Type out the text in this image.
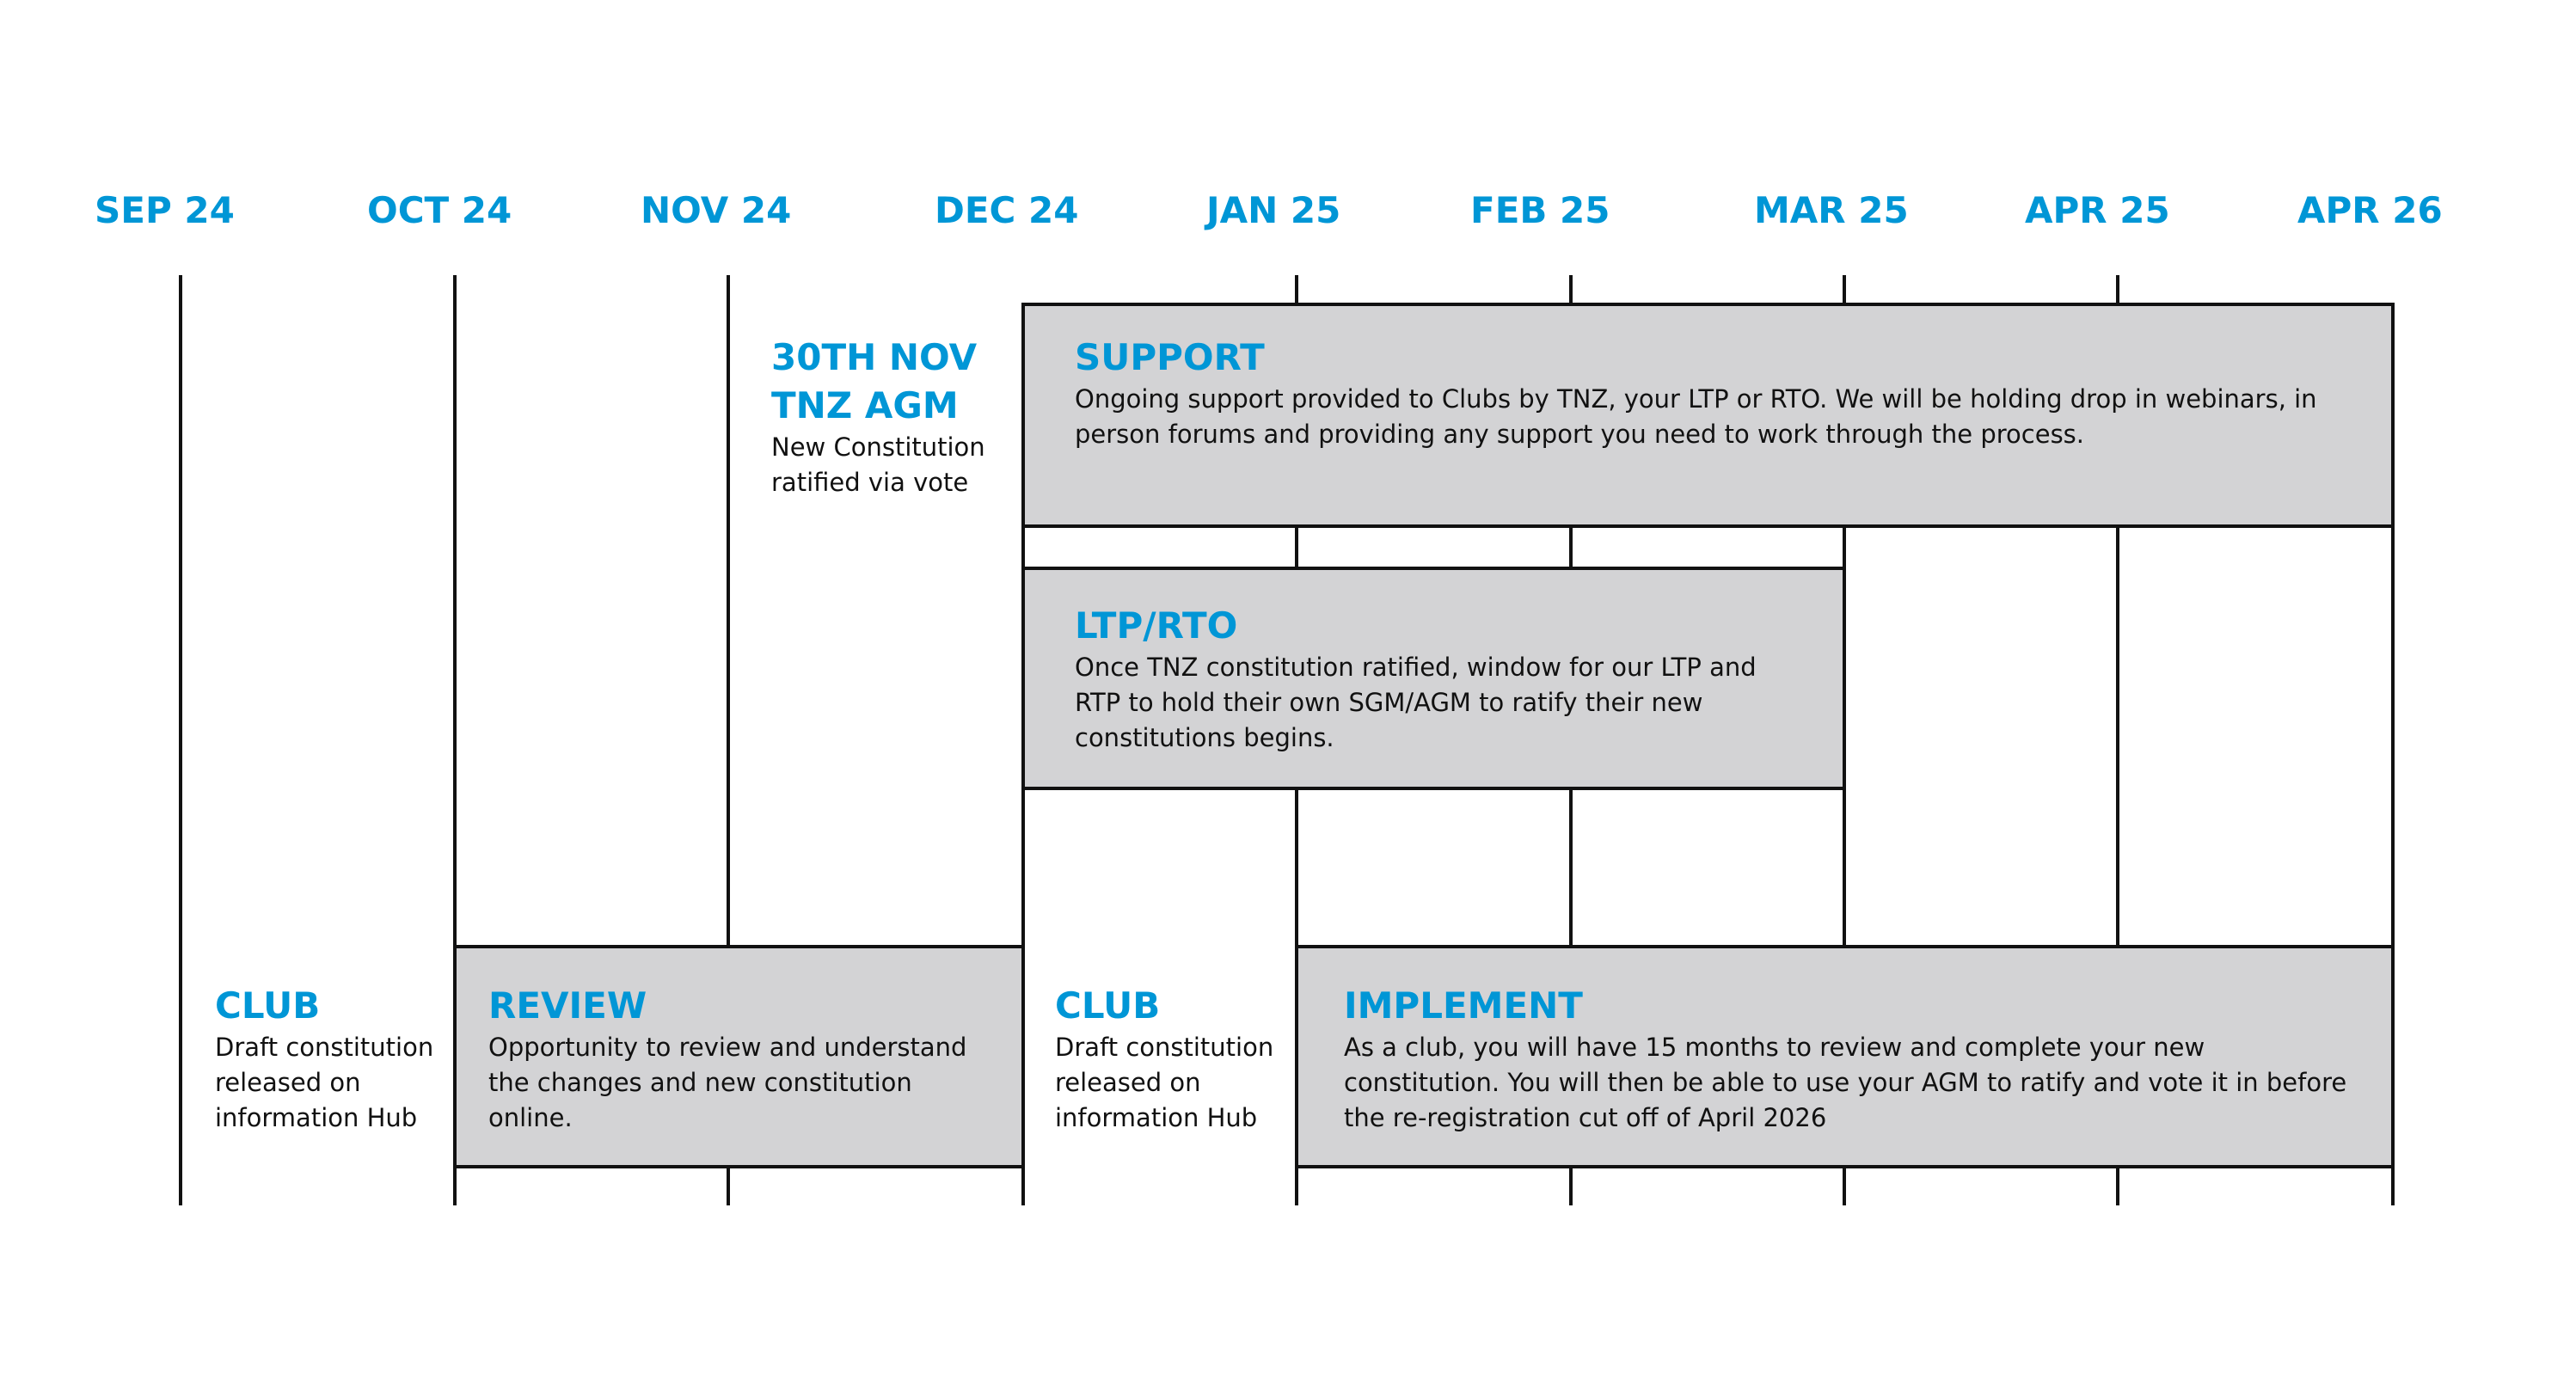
SEP 24	OCT 24	NOV 24	DEC 24	JAN 25	FEB 25	MAR 25	APR 25	APR 26
SUPPORT
Ongoing support provided to Clubs by TNZ, your LTP or RTO. We will be holding drop in webinars, in
person forums and providing any support you need to work through the process.
LTP/RTO
Once TNZ constitution ratified, window for our LTP and
RTP to hold their own SGM/AGM to ratify their new
constitutions begins.
REVIEW
Opportunity to review and understand
the changes and new constitution
online.
IMPLEMENT
As a club, you will have 15 months to review and complete your new
constitution. You will then be able to use your AGM to ratify and vote it in before
the re-registration cut off of April 2026
30TH NOV
TNZ AGM
New Constitution
ratified via vote
CLUB
Draft constitution
released on
information Hub
CLUB
Draft constitution
released on
information Hub
